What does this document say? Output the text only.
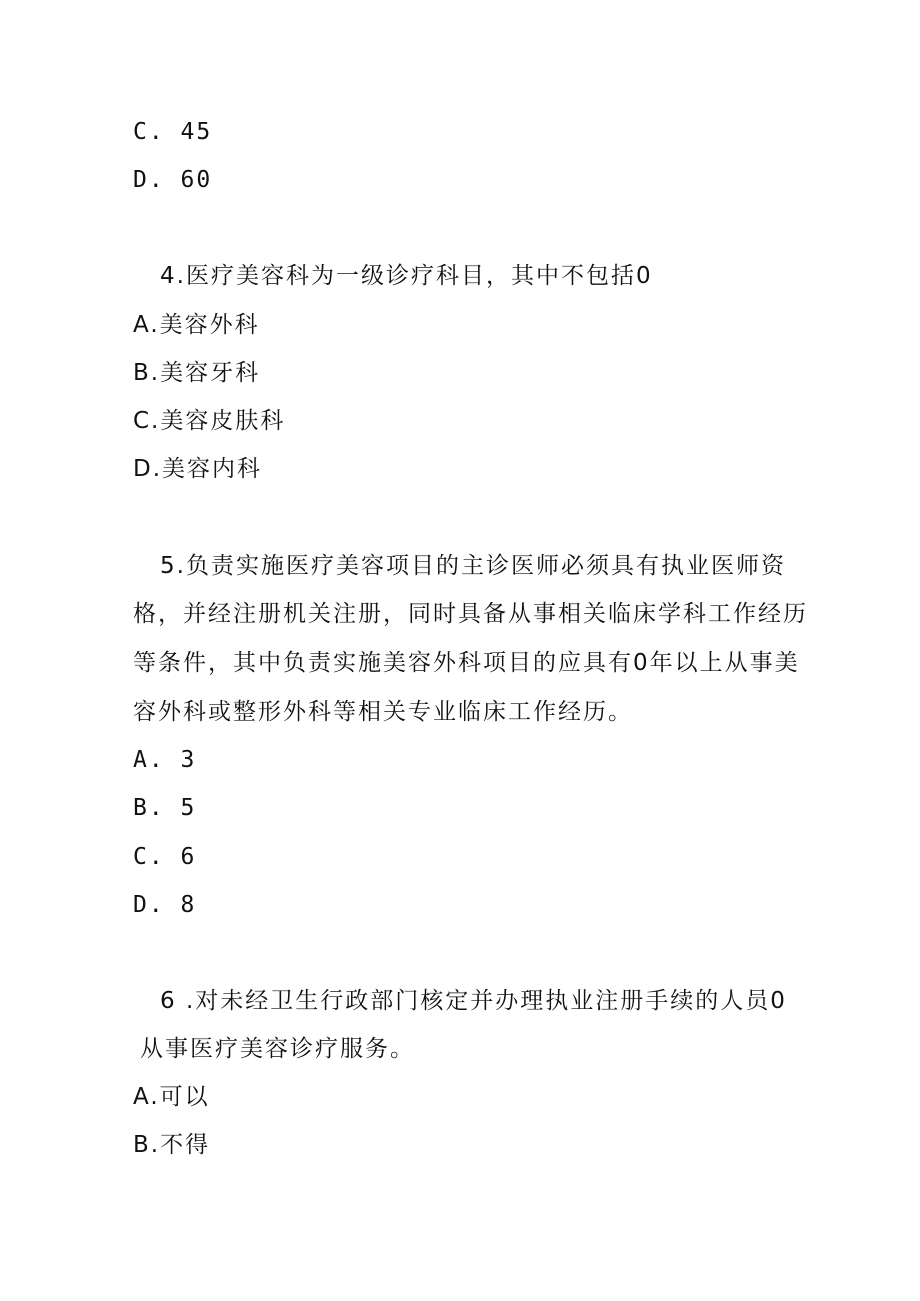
C. 45
D. 60
4.医疗美容科为一级诊疗科目，其中不包括0
A.美容外科
B.美容牙科
C.美容皮肤科
D.美容内科
5.负责实施医疗美容项目的主诊医师必须具有执业医师资
格，并经注册机关注册，同时具备从事相关临床学科工作经历
等条件，其中负责实施美容外科项目的应具有0年以上从事美
容外科或整形外科等相关专业临床工作经历。
A. 3
B. 5
C. 6
D. 8
6 .对未经卫生行政部门核定并办理执业注册手续的人员0
从事医疗美容诊疗服务。
A.可以
B.不得
